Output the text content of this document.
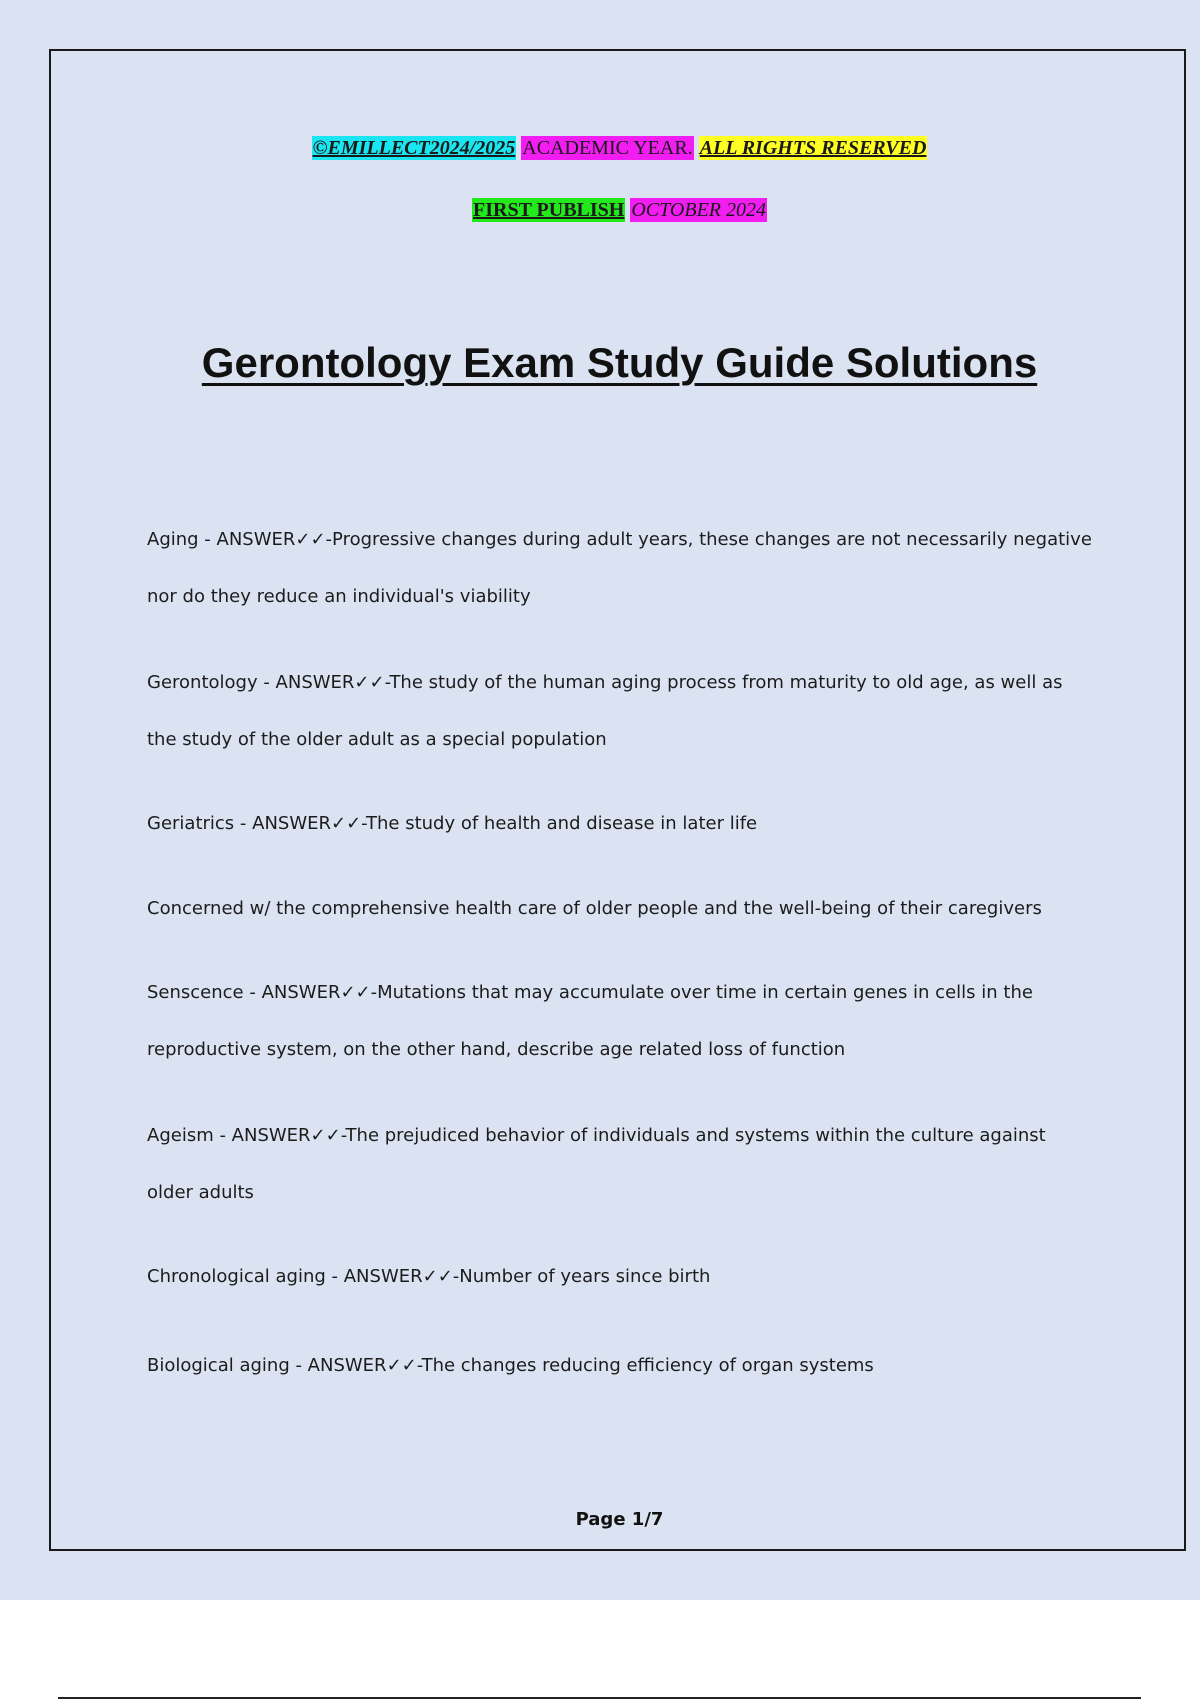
©EMILLECT2024/2025 ACADEMIC YEAR. ALL RIGHTS RESERVED
FIRST PUBLISH OCTOBER 2024
Gerontology Exam Study Guide Solutions
Aging - ANSWER✓✓-Progressive changes during adult years, these changes are not necessarily negative
nor do they reduce an individual's viability
Gerontology - ANSWER✓✓-The study of the human aging process from maturity to old age, as well as
the study of the older adult as a special population
Geriatrics - ANSWER✓✓-The study of health and disease in later life
Concerned w/ the comprehensive health care of older people and the well-being of their caregivers
Senscence - ANSWER✓✓-Mutations that may accumulate over time in certain genes in cells in the
reproductive system, on the other hand, describe age related loss of function
Ageism - ANSWER✓✓-The prejudiced behavior of individuals and systems within the culture against
older adults
Chronological aging - ANSWER✓✓-Number of years since birth
Biological aging - ANSWER✓✓-The changes reducing efficiency of organ systems
Page 1/7
